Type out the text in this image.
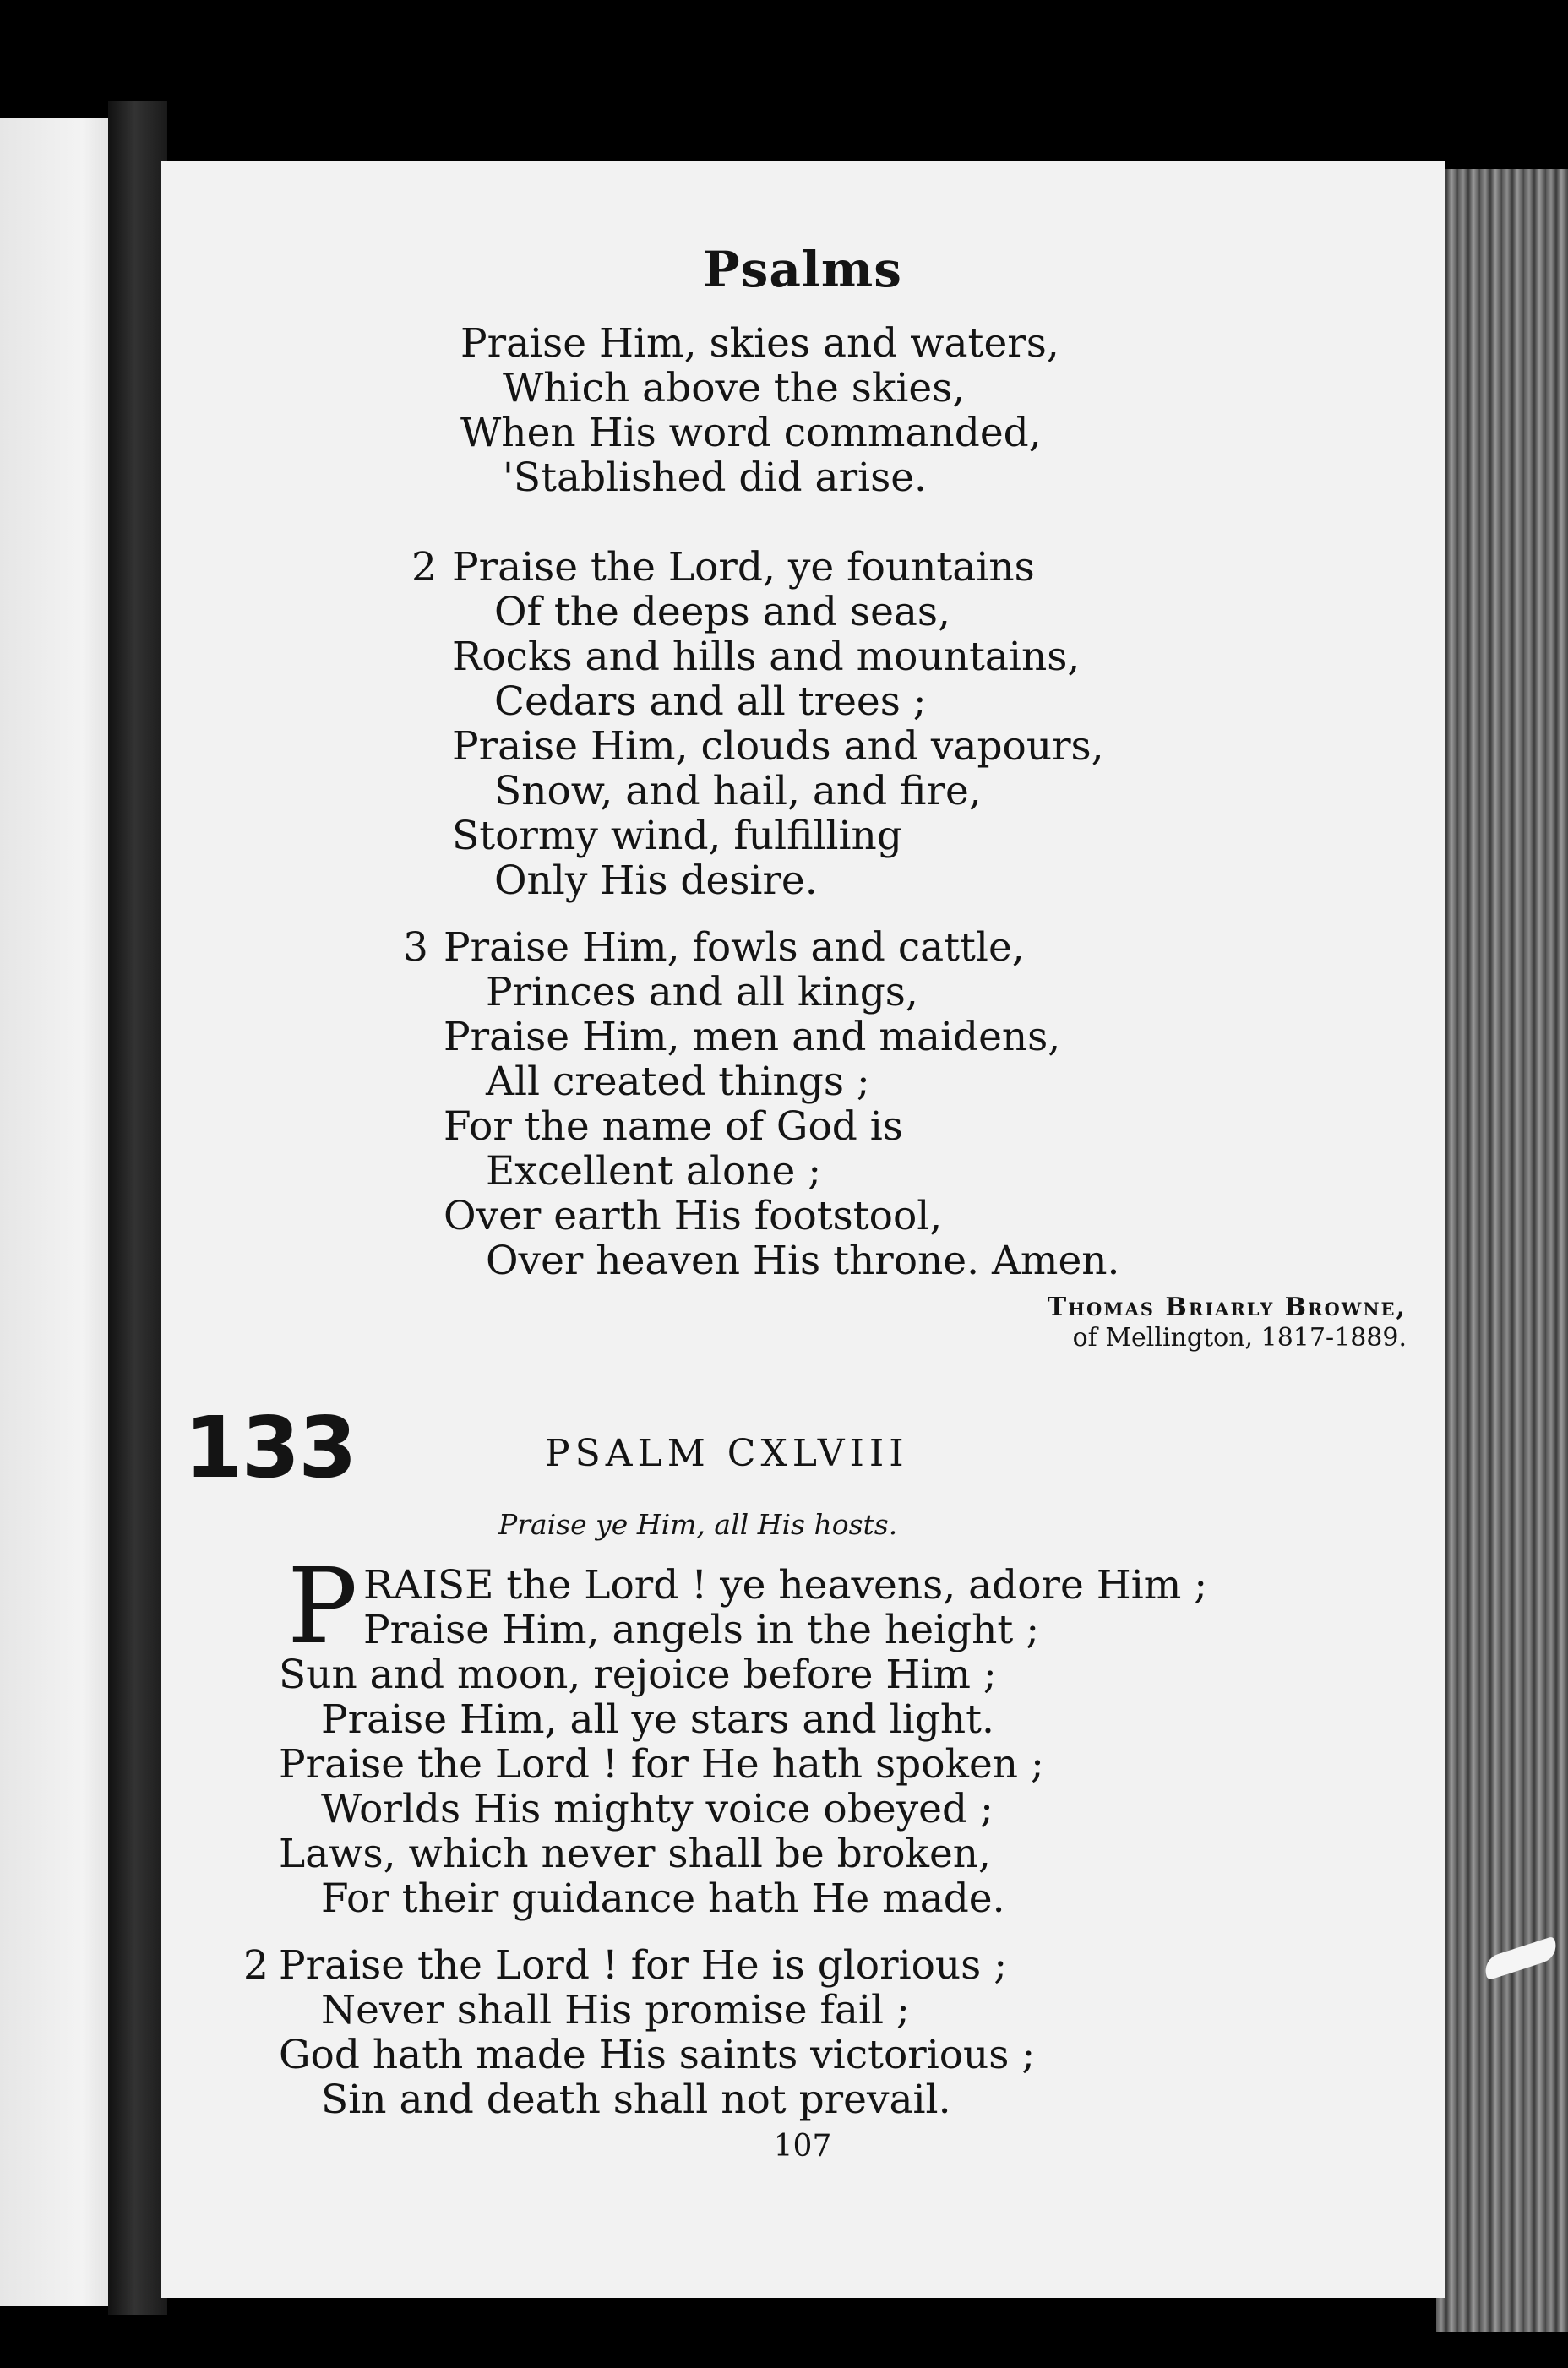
Psalms
Praise Him, skies and waters,
Which above the skies,
When His word commanded,
'Stablished did arise.
2 Praise the Lord, ye fountains
Of the deeps and seas,
Rocks and hills and mountains,
Cedars and all trees ;
Praise Him, clouds and vapours,
Snow, and hail, and fire,
Stormy wind, fulfilling
Only His desire.
3 Praise Him, fowls and cattle,
Princes and all kings,
Praise Him, men and maidens,
All created things ;
For the name of God is
Excellent alone ;
Over earth His footstool,
Over heaven His throne. Amen.
Thomas Briarly Browne,
of Mellington, 1817-1889.
133	PSALM CXLVIII
Praise ye Him, all His hosts.
P RAISE the Lord ! ye heavens, adore Him ;
Praise Him, angels in the height ;
Sun and moon, rejoice before Him ;
Praise Him, all ye stars and light.
Praise the Lord ! for He hath spoken ;
Worlds His mighty voice obeyed ;
Laws, which never shall be broken,
For their guidance hath He made.
2 Praise the Lord ! for He is glorious ;
Never shall His promise fail ;
God hath made His saints victorious ;
Sin and death shall not prevail.
107
